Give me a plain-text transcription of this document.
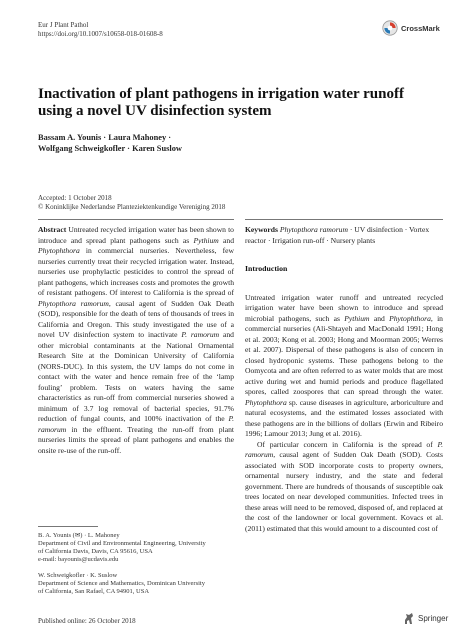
Eur J Plant Pathol
https://doi.org/10.1007/s10658-018-01608-8
CrossMark
Inactivation of plant pathogens in irrigation water runoff
using a novel UV disinfection system
Bassam A. Younis · Laura Mahoney ·
Wolfgang Schweigkofler · Karen Suslow
Accepted: 1 October 2018
© Koninklijke Nederlandse Planteziektenkundige Vereniging 2018
Abstract Untreated recycled irrigation water has been shown to introduce and spread plant pathogens such as Pythium and Phytophthora in commercial nurseries. Nevertheless, few nurseries currently treat their recycled irrigation water. Instead, nurseries use prophylactic pesticides to control the spread of plant pathogens, which increases costs and promotes the growth of resistant pathogens. Of interest to California is the spread of Phytopthora ramorum, causal agent of Sudden Oak Death (SOD), responsible for the death of tens of thousands of trees in California and Oregon. This study investigated the use of a novel UV disinfection system to inactivate P. ramorum and other microbial contaminants at the National Ornamental Research Site at the Dominican University of California (NORS-DUC). In this system, the UV lamps do not come in contact with the water and hence remain free of the ‘lamp fouling’ problem. Tests on waters having the same characteristics as run-off from commercial nurseries showed a minimum of 3.7 log removal of bacterial species, 91.7% reduction of fungal counts, and 100% inactivation of the P. ramorum in the effluent. Treating the run-off from plant nurseries limits the spread of plant pathogens and enables the onsite re-use of the run-off.
Keywords Phytopthora ramorum · UV disinfection · Vortex reactor · Irrigation run-off · Nursery plants
Introduction

Untreated irrigation water runoff and untreated recycled irrigation water have been shown to introduce and spread microbial pathogens, such as Pythium and Phytophthora, in commercial nurseries (Ali-Shtayeh and MacDonald 1991; Hong et al. 2003; Kong et al. 2003; Hong and Moorman 2005; Werres et al. 2007). Dispersal of these pathogens is also of concern in closed hydroponic systems. These pathogens belong to the Oomycota and are often referred to as water molds that are most active during wet and humid periods and produce flagellated spores, called zoospores that can spread through the water. Phytophthora sp. cause diseases in agriculture, arboriculture and natural ecosystems, and the estimated losses associated with these pathogens are in the billions of dollars (Erwin and Ribeiro 1996; Lamour 2013; Jung et al. 2016).

Of particular concern in California is the spread of P. ramorum, causal agent of Sudden Oak Death (SOD). Costs associated with SOD incorporate costs to property owners, ornamental nursery industry, and the state and federal government. There are hundreds of thousands of susceptible oak trees located on near developed communities. Infected trees in these areas will need to be removed, disposed of, and replaced at the cost of the landowner or local government. Kovacs et al. (2011) estimated that this would amount to a discounted cost of

B. A. Younis (✉) · L. Mahoney
Department of Civil and Environmental Engineering, University
of California Davis, Davis, CA 95616, USA
e-mail: bayounis@ucdavis.edu
W. Schweigkofler · K. Suslow
Department of Science and Mathematics, Dominican University
of California, San Rafael, CA 94901, USA
Published online: 26 October 2018	Springer
